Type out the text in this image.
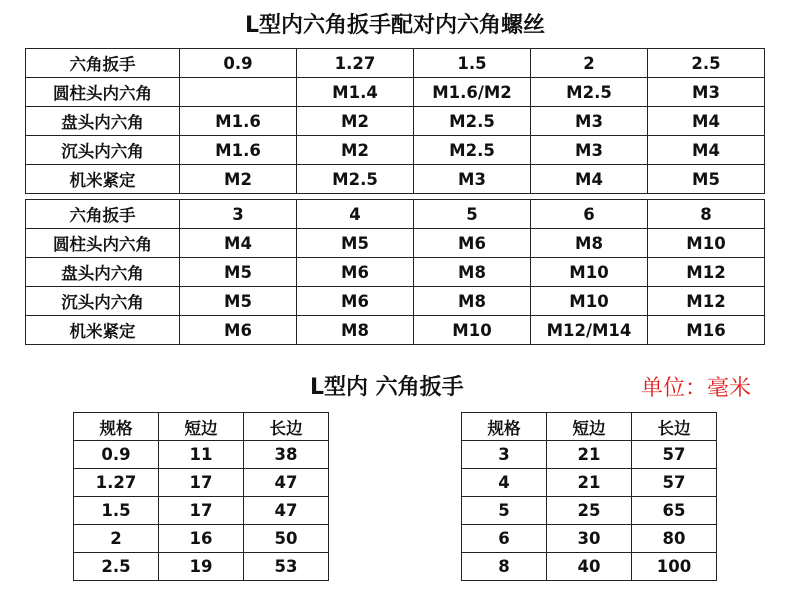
L型内六角扳手配对内六角螺丝
六角扳手	0.9	1.27	1.5	2	2.5
圆柱头内六角		M1.4	M1.6/M2	M2.5	M3
盘头内六角	M1.6	M2	M2.5	M3	M4
沉头内六角	M1.6	M2	M2.5	M3	M4
机米紧定	M2	M2.5	M3	M4	M5
六角扳手	3	4	5	6	8
圆柱头内六角	M4	M5	M6	M8	M10
盘头内六角	M5	M6	M8	M10	M12
沉头内六角	M5	M6	M8	M10	M12
机米紧定	M6	M8	M10	M12/M14	M16
L型内 六角扳手	单位：毫米
规格	短边	长边
0.9	11	38
1.27	17	47
1.5	17	47
2	16	50
2.5	19	53
规格	短边	长边
3	21	57
4	21	57
5	25	65
6	30	80
8	40	100
